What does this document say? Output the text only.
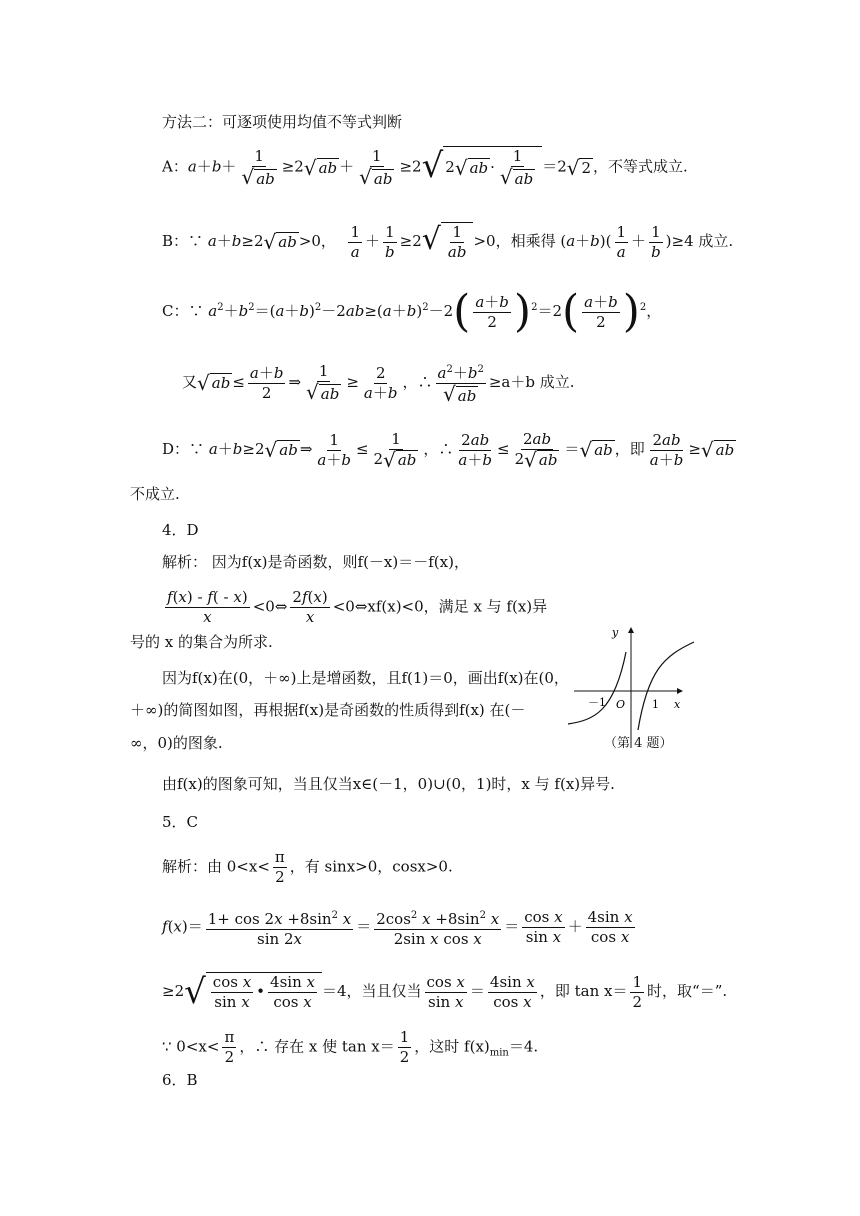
方法二：可逐项使用均值不等式判断
A：$a+b+ \frac{1}{√ ab} \ge 2$ √ ab ＋ $\frac{1}{√ ab} \ge 2$ √ 2 √ ab · $\frac{1}{√ ab} =2$ √ 2 ，不等式成立.
B：∵ a＋b≥2 √ ab >0， $\frac{1}{a} + \frac{1}{b} \ge 2$ √ $\frac{1}{ab} >0$，相乘得 $(a+b)( \frac{1}{a} + \frac{1}{b} )\ge 4$ 成立.
C：∵ $a^2+b^2=(a+b)^2-2ab\ge(a+b)^2-2( \frac{a+b}{2} )^2=2( \frac{a+b}{2} )^2$，
又 √ ab ≤ $\frac{a+b}{2}$ ⇒ $\frac{1}{√ ab} \ge \frac{2}{a+b}$ ，∴ $\frac{a^2+b^2}{√ ab} \ge a+b$ 成立.
D：∵ a＋b≥2 √ ab ⇒ $\frac{1}{a+b} \le \frac{1}{2 √ ab}$ ，∴ $\frac{2ab}{a+b} \le \frac{2ab}{2 √ ab}$ ＝ √ ab ，即 $\frac{2ab}{a+b}$ ≥ √ ab
不成立.
4．D
解析： 因为f(x)是奇函数，则f(－x)＝－f(x)，
$\frac{f(x) - f( - x)}{x}$ <0⇔ $\frac{2f(x)}{x}$ <0⇔xf(x)<0，满足 x 与 f(x)异
号的 x 的集合为所求.
因为f(x)在(0，＋∞)上是增函数，且f(1)＝0，画出f(x)在(0，
＋∞)的简图如图，再根据f(x)是奇函数的性质得到f(x) 在(－
∞，0)的图象.
由f(x)的图象可知，当且仅当x∈(－1，0)∪(0，1)时，x 与 f(x)异号.
y
x
O
－1	1
（第 4 题）
5．C
解析：由 $0<x< \frac{\pi}{2}$ ，有 sinx>0，cosx>0.
$f(x)= \frac{1+ \cos 2x +8\sin^2 x}{\sin 2x} = \frac{2\cos^2 x +8\sin^2 x}{\text{2sin x cos x}} = \frac{\text{cos x}}{\text{sin x}} + \frac{\text{4sin x}}{\text{cos x}}$
≥2 √ $\frac{\text{cos x}}{\text{sin x}}$ • $\frac{\text{4sin x}}{\text{cos x}} =4$，当且仅当 $\frac{\text{cos x}}{\text{sin x}} = \frac{\text{4sin x}}{\text{cos x}}$ ，即 $\tan x= \frac{1}{2}$ 时，取“＝”.
∵ $0<x< \frac{\pi}{2}$ ，∴ 存在 x 使 $\tan x= \frac{1}{2}$ ，这时 $f(x)_{min}=4$.
6．B
